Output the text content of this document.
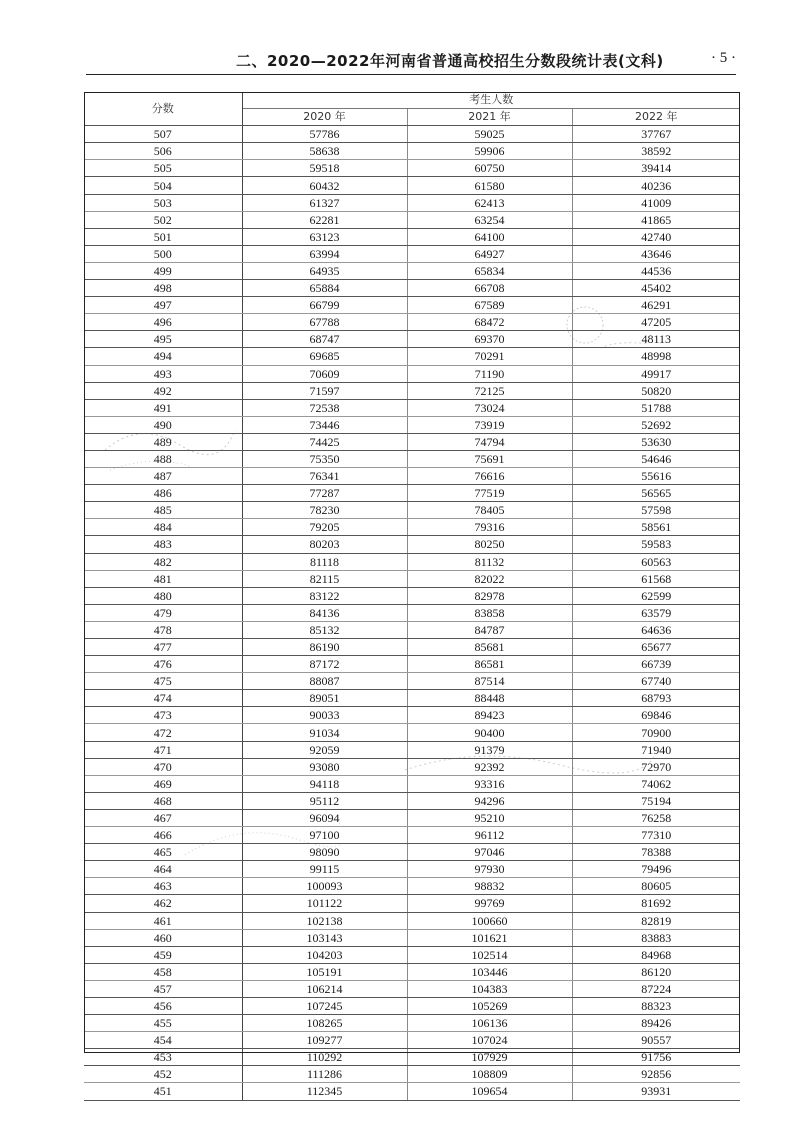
二、2020—2022年河南省普通高校招生分数段统计表(文科)	· 5 ·
分数	考生人数		
	2020 年	2021 年	2022 年
507	57786	59025	37767
506	58638	59906	38592
505	59518	60750	39414
504	60432	61580	40236
503	61327	62413	41009
502	62281	63254	41865
501	63123	64100	42740
500	63994	64927	43646
499	64935	65834	44536
498	65884	66708	45402
497	66799	67589	46291
496	67788	68472	47205
495	68747	69370	48113
494	69685	70291	48998
493	70609	71190	49917
492	71597	72125	50820
491	72538	73024	51788
490	73446	73919	52692
489	74425	74794	53630
488	75350	75691	54646
487	76341	76616	55616
486	77287	77519	56565
485	78230	78405	57598
484	79205	79316	58561
483	80203	80250	59583
482	81118	81132	60563
481	82115	82022	61568
480	83122	82978	62599
479	84136	83858	63579
478	85132	84787	64636
477	86190	85681	65677
476	87172	86581	66739
475	88087	87514	67740
474	89051	88448	68793
473	90033	89423	69846
472	91034	90400	70900
471	92059	91379	71940
470	93080	92392	72970
469	94118	93316	74062
468	95112	94296	75194
467	96094	95210	76258
466	97100	96112	77310
465	98090	97046	78388
464	99115	97930	79496
463	100093	98832	80605
462	101122	99769	81692
461	102138	100660	82819
460	103143	101621	83883
459	104203	102514	84968
458	105191	103446	86120
457	106214	104383	87224
456	107245	105269	88323
455	108265	106136	89426
454	109277	107024	90557
453	110292	107929	91756
452	111286	108809	92856
451	112345	109654	93931
